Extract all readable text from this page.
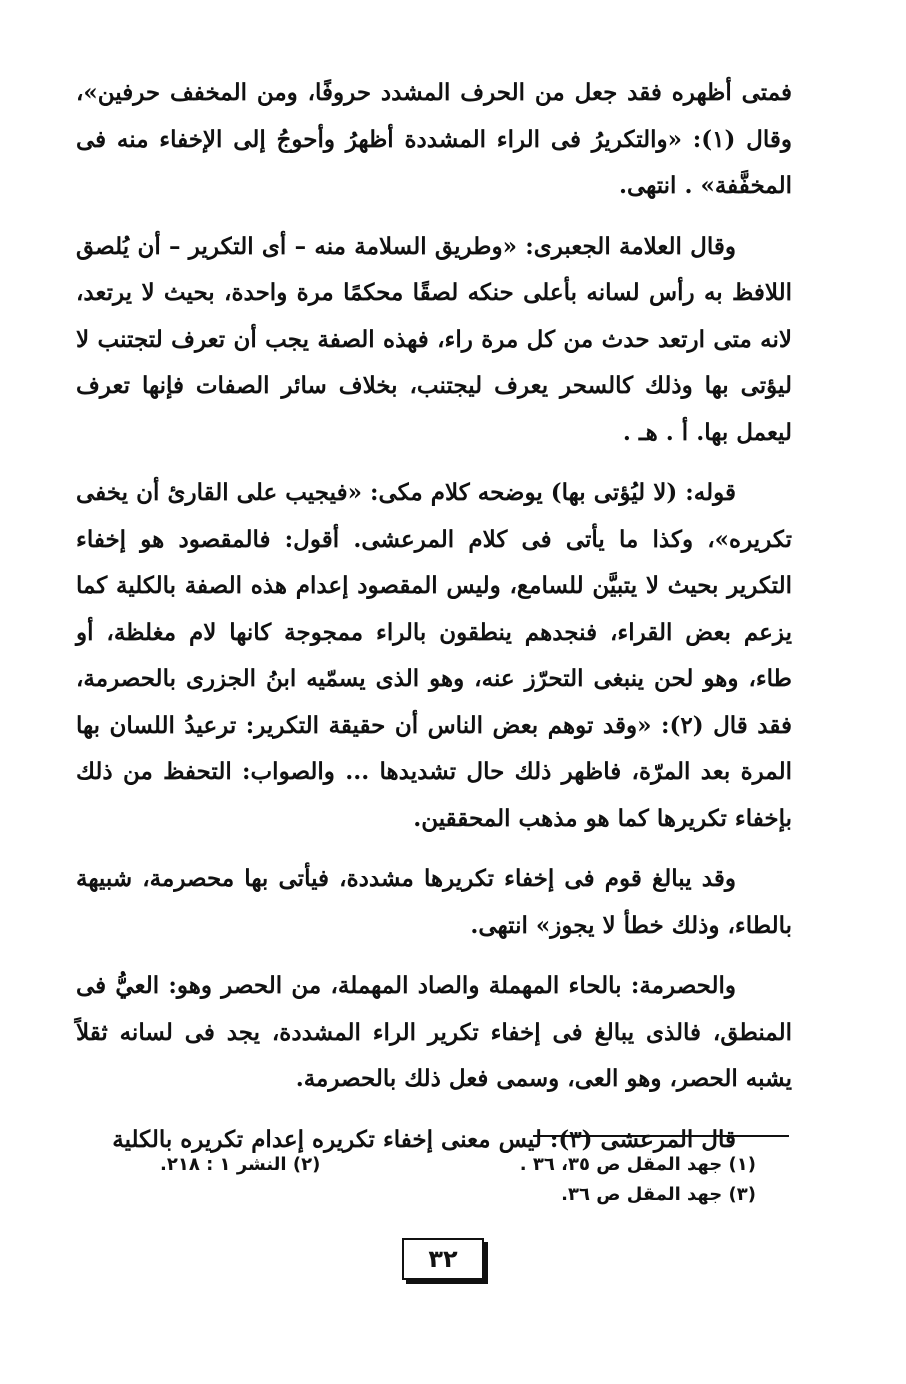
فمتى أظهره فقد جعل من الحرف المشدد حروفًا، ومن المخفف حرفين»، وقال (١): «والتكريرُ فى الراء المشددة أظهرُ وأحوجُ إلى الإخفاء منه فى المخفَّفة» . انتهى.

وقال العلامة الجعبرى: «وطريق السلامة منه – أى التكرير – أن يُلصق اللافظ به رأس لسانه بأعلى حنكه لصقًا محكمًا مرة واحدة، بحيث لا يرتعد، لانه متى ارتعد حدث من كل مرة راء، فهذه الصفة يجب أن تعرف لتجتنب لا ليؤتى بها وذلك كالسحر يعرف ليجتنب، بخلاف سائر الصفات فإنها تعرف ليعمل بها. أ . هـ .

قوله: (لا ليُؤتى بها) يوضحه كلام مكى: «فيجيب على القارئ أن يخفى تكريره»، وكذا ما يأتى فى كلام المرعشى. أقول: فالمقصود هو إخفاء التكرير بحيث لا يتبيَّن للسامع، وليس المقصود إعدام هذه الصفة بالكلية كما يزعم بعض القراء، فنجدهم ينطقون بالراء ممجوجة كانها لام مغلظة، أو طاء، وهو لحن ينبغى التحرّز عنه، وهو الذى يسمّيه ابنُ الجزرى بالحصرمة، فقد قال (٢): «وقد توهم بعض الناس أن حقيقة التكرير: ترعيدُ اللسان بها المرة بعد المرّة، فاظهر ذلك حال تشديدها ... والصواب: التحفظ من ذلك بإخفاء تكريرها كما هو مذهب المحققين.

وقد يبالغ قوم فى إخفاء تكريرها مشددة، فيأتى بها محصرمة، شبيهة بالطاء، وذلك خطأ لا يجوز» انتهى.

والحصرمة: بالحاء المهملة والصاد المهملة، من الحصر وهو: العيُّ فى المنطق، فالذى يبالغ فى إخفاء تكرير الراء المشددة، يجد فى لسانه ثقلاً يشبه الحصر، وهو العى، وسمى فعل ذلك بالحصرمة.

قال المرعشى (٣): ليس معنى إخفاء تكريره إعدام تكريره بالكلية

(١) جهد المقل ص ٣٥، ٣٦ .
(٢) النشر ١ : ٢١٨.
(٣) جهد المقل ص ٣٦.
٣٢
